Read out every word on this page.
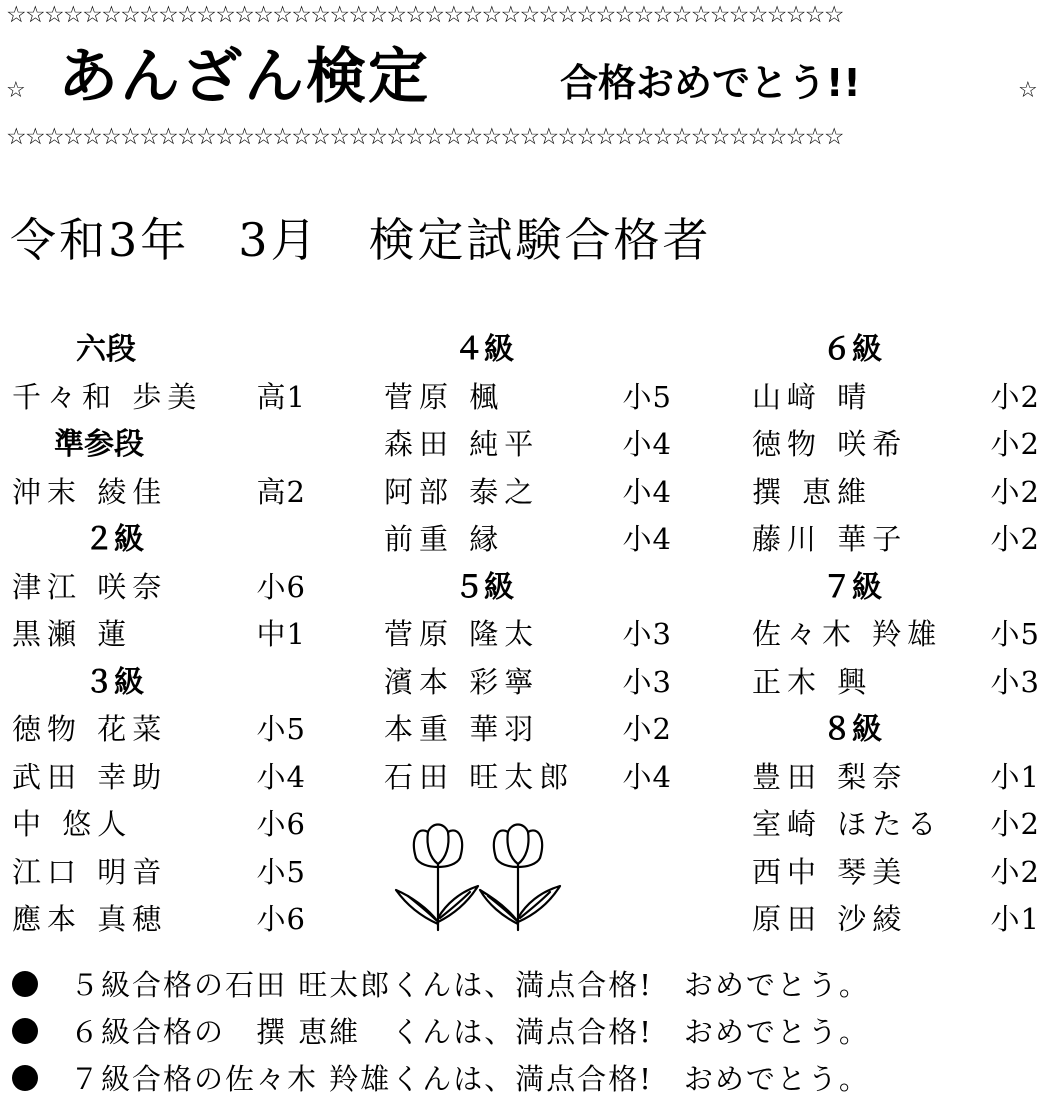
☆☆☆☆☆☆☆☆☆☆☆☆☆☆☆☆☆☆☆☆☆☆☆☆☆☆☆☆☆☆☆☆☆☆☆☆☆☆☆☆☆☆☆☆
☆ あんざん検定	合格おめでとう!!	☆
☆☆☆☆☆☆☆☆☆☆☆☆☆☆☆☆☆☆☆☆☆☆☆☆☆☆☆☆☆☆☆☆☆☆☆☆☆☆☆☆☆☆☆☆
令和3年　3月　検定試験合格者
六段
千々和 歩美 高1
準参段
沖末 綾佳	高2
２級
津江 咲奈	小6
黒瀬 蓮	中1
３級
徳物 花菜	小5
武田 幸助	小4
中 悠人	小6
江口 明音	小5
應本 真穂	小6
４級
菅原 楓	小5
森田 純平	小4
阿部 泰之	小4
前重 縁	小4
５級
菅原 隆太	小3
濱本 彩寧	小3
本重 華羽	小2
石田 旺太郎 小4
６級
山﨑 晴	小2
徳物 咲希	小2
撰 恵維	小2
藤川 華子	小2
７級
佐々木 羚雄 小5
正木 興	小3
８級
豊田 梨奈	小1
室崎 ほたる 小2
西中 琴美	小2
原田 沙綾	小1
５級合格の石田 旺太郎くんは、満点合格!　おめでとう。
６級合格の　撰 恵維　くんは、満点合格!　おめでとう。
７級合格の佐々木 羚雄くんは、満点合格!　おめでとう。
